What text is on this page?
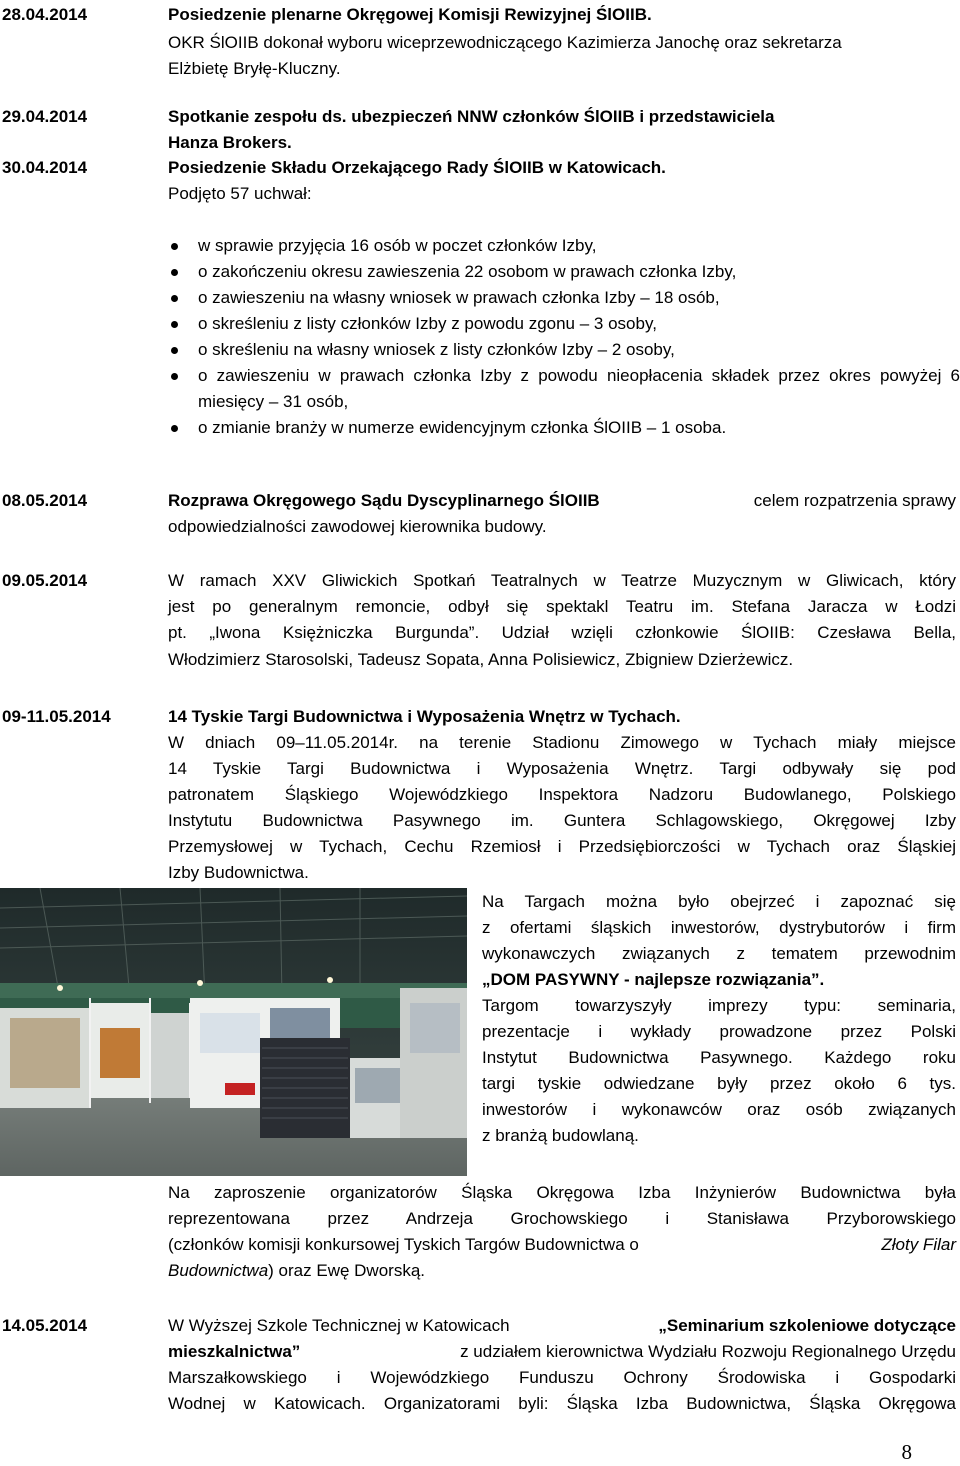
28.04.2014	Posiedzenie plenarne Okręgowej Komisji Rewizyjnej ŚlOIIB.
OKR ŚlOIIB dokonał wyboru wiceprzewodniczącego Kazimierza Janochę oraz sekretarza
Elżbietę Bryłę-Kluczny.
29.04.2014	Spotkanie zespołu ds. ubezpieczeń NNW członków ŚlOIIB i przedstawiciela
Hanza Brokers.
30.04.2014	Posiedzenie Składu Orzekającego Rady ŚlOIIB w Katowicach.
Podjęto 57 uchwał:
w sprawie przyjęcia 16 osób w poczet członków Izby,
o zakończeniu okresu zawieszenia 22 osobom w prawach członka Izby,
o zawieszeniu na własny wniosek w prawach członka Izby – 18 osób,
o skreśleniu z listy członków Izby z powodu zgonu – 3 osoby,
o skreśleniu na własny wniosek z listy członków Izby – 2 osoby,
o zawieszeniu w prawach członka Izby z powodu nieopłacenia składek przez okres powyżej 6 miesięcy – 31 osób,
o zmianie branży w numerze ewidencyjnym członka ŚlOIIB – 1 osoba.
08.05.2014	Rozprawa Okręgowego Sądu Dyscyplinarnego ŚlOIIB	celem rozpatrzenia sprawy
odpowiedzialności zawodowej kierownika budowy.
09.05.2014	W ramach XXV Gliwickich Spotkań Teatralnych w Teatrze Muzycznym w Gliwicach, który
jest po generalnym remoncie, odbył się spektakl Teatru im. Stefana Jaracza w Łodzi
pt. „Iwona Księżniczka Burgunda”. Udział wzięli członkowie ŚlOIIB: Czesława Bella,
Włodzimierz Starosolski, Tadeusz Sopata, Anna Polisiewicz, Zbigniew Dzierżewicz.
09-11.05.2014	14 Tyskie Targi Budownictwa i Wyposażenia Wnętrz w Tychach.
W dniach 09–11.05.2014r. na terenie Stadionu Zimowego w Tychach miały miejsce
14 Tyskie Targi Budownictwa i Wyposażenia Wnętrz. Targi odbywały się pod
patronatem Śląskiego Wojewódzkiego Inspektora Nadzoru Budowlanego, Polskiego
Instytutu Budownictwa Pasywnego im. Guntera Schlagowskiego, Okręgowej Izby
Przemysłowej w Tychach, Cechu Rzemiosł i Przedsiębiorczości w Tychach oraz Śląskiej
Izby Budownictwa.
Na Targach można było obejrzeć i zapoznać się
z ofertami śląskich inwestorów, dystrybutorów i firm
wykonawczych związanych z tematem przewodnim
„DOM PASYWNY - najlepsze rozwiązania”.
Targom towarzyszyły imprezy typu: seminaria,
prezentacje i wykłady prowadzone przez Polski
Instytut Budownictwa Pasywnego. Każdego roku
targi tyskie odwiedzane były przez około 6 tys.
inwestorów i wykonawców oraz osób związanych
z branżą budowlaną.
Na zaproszenie organizatorów Śląska Okręgowa Izba Inżynierów Budownictwa była
reprezentowana przez Andrzeja Grochowskiego i Stanisława Przyborowskiego
(członków komisji konkursowej Tyskich Targów Budownictwa o	Złoty Filar
Budownictwa) oraz Ewę Dworską.
14.05.2014	W Wyższej Szkole Technicznej w Katowicach	„Seminarium szkoleniowe dotyczące
mieszkalnictwa”	z udziałem kierownictwa Wydziału Rozwoju Regionalnego Urzędu
Marszałkowskiego i Wojewódzkiego Funduszu Ochrony Środowiska i Gospodarki
Wodnej w Katowicach. Organizatorami byli: Śląska Izba Budownictwa, Śląska Okręgowa
8
